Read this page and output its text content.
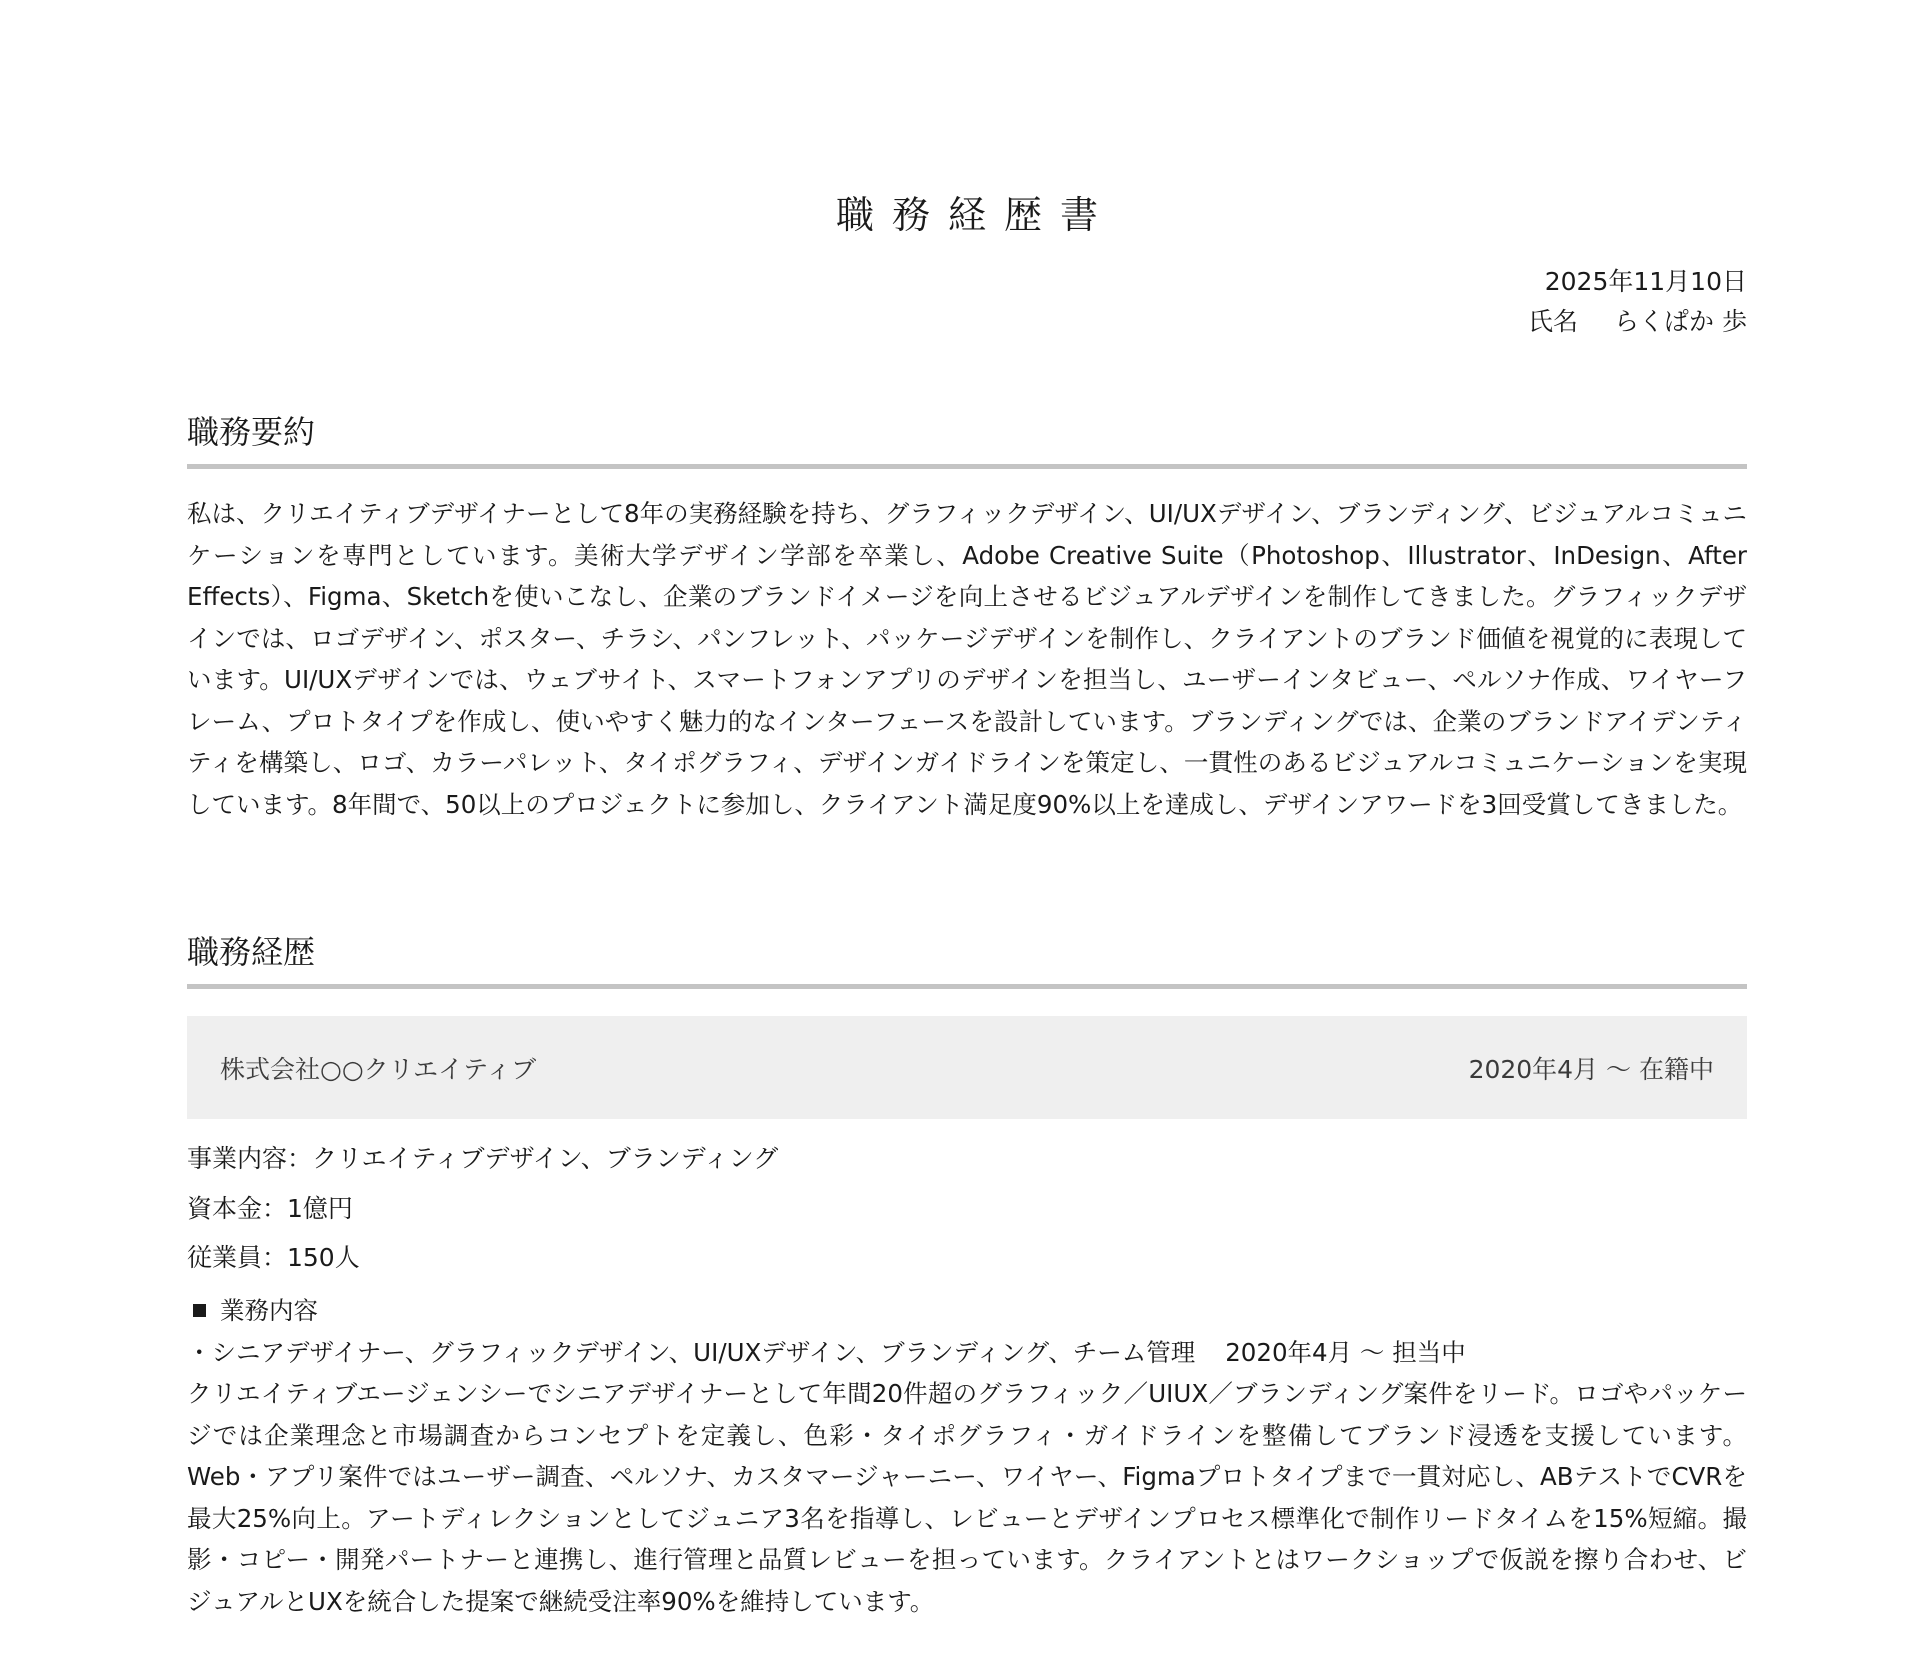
職務経歴書
2025年11月10日
氏名 らくぱか 歩
職務要約

私は、クリエイティブデザイナーとして8年の実務経験を持ち、グラフィックデザイン、UI/UXデザイン、ブランディング、ビジュアルコミュニケーションを専門としています。美術大学デザイン学部を卒業し、Adobe Creative Suite（Photoshop、Illustrator、InDesign、After Effects）、Figma、Sketchを使いこなし、企業のブランドイメージを向上させるビジュアルデザインを制作してきました。グラフィックデザインでは、ロゴデザイン、ポスター、チラシ、パンフレット、パッケージデザインを制作し、クライアントのブランド価値を視覚的に表現しています。UI/UXデザインでは、ウェブサイト、スマートフォンアプリのデザインを担当し、ユーザーインタビュー、ペルソナ作成、ワイヤーフレーム、プロトタイプを作成し、使いやすく魅力的なインターフェースを設計しています。ブランディングでは、企業のブランドアイデンティティを構築し、ロゴ、カラーパレット、タイポグラフィ、デザインガイドラインを策定し、一貫性のあるビジュアルコミュニケーションを実現しています。8年間で、50以上のプロジェクトに参加し、クライアント満足度90%以上を達成し、デザインアワードを3回受賞してきました。

職務経歴
株式会社○○クリエイティブ	2020年4月 〜 在籍中
事業内容：クリエイティブデザイン、ブランディング
資本金：1億円
従業員：150人
業務内容
・シニアデザイナー、グラフィックデザイン、UI/UXデザイン、ブランディング、チーム管理 2020年4月 〜 担当中

クリエイティブエージェンシーでシニアデザイナーとして年間20件超のグラフィック／UIUX／ブランディング案件をリード。ロゴやパッケージでは企業理念と市場調査からコンセプトを定義し、色彩・タイポグラフィ・ガイドラインを整備してブランド浸透を支援しています。Web・アプリ案件ではユーザー調査、ペルソナ、カスタマージャーニー、ワイヤー、Figmaプロトタイプまで一貫対応し、ABテストでCVRを最大25%向上。アートディレクションとしてジュニア3名を指導し、レビューとデザインプロセス標準化で制作リードタイムを15%短縮。撮影・コピー・開発パートナーと連携し、進行管理と品質レビューを担っています。クライアントとはワークショップで仮説を擦り合わせ、ビジュアルとUXを統合した提案で継続受注率90%を維持しています。
